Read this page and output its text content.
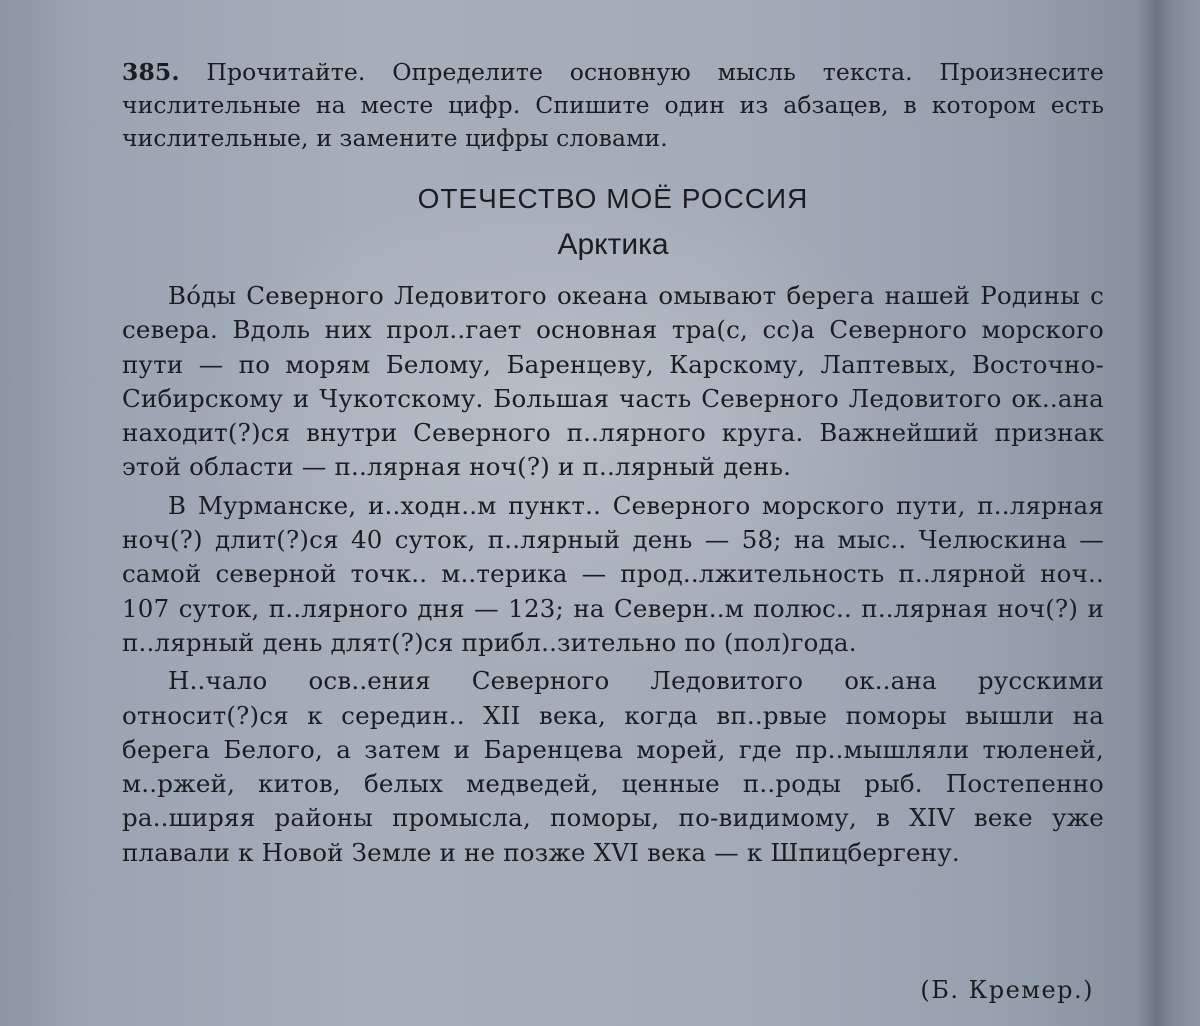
385. Прочитайте. Определите основную мысль текста. Произнесите числительные на месте цифр. Спишите один из абзацев, в котором есть числительные, и замените цифры словами.

ОТЕЧЕСТВО МОЁ РОССИЯ
Арктика

Во́ды Северного Ледовитого океана омывают берега нашей Родины с севера. Вдоль них прол..гает основная тра(с, сс)а Северного морского пути — по морям Белому, Баренцеву, Карскому, Лаптевых, Восточно-Сибирскому и Чукотскому. Большая часть Северного Ледовитого ок..ана находит(?)ся внутри Северного п..лярного круга. Важнейший признак этой области — п..лярная ноч(?) и п..лярный день.

В Мурманске, и..ходн..м пункт.. Северного морского пути, п..лярная ноч(?) длит(?)ся 40 суток, п..лярный день — 58; на мыс.. Челюскина — самой северной точк.. м..терика — прод..лжительность п..лярной ноч.. 107 суток, п..лярного дня — 123; на Северн..м полюс.. п..лярная ноч(?) и п..лярный день длят(?)ся прибл..зительно по (пол)года.

Н..чало осв..ения Северного Ледовитого ок..ана русскими относит(?)ся к середин.. XII века, когда вп..рвые поморы вышли на берега Белого, а затем и Баренцева морей, где пр..мышляли тюленей, м..ржей, китов, белых медведей, ценные п..роды рыб. Постепенно ра..ширяя районы промысла, поморы, по-видимому, в XIV веке уже плавали к Новой Земле и не позже XVI века — к Шпицбергену.

(Б. Кремер.)
